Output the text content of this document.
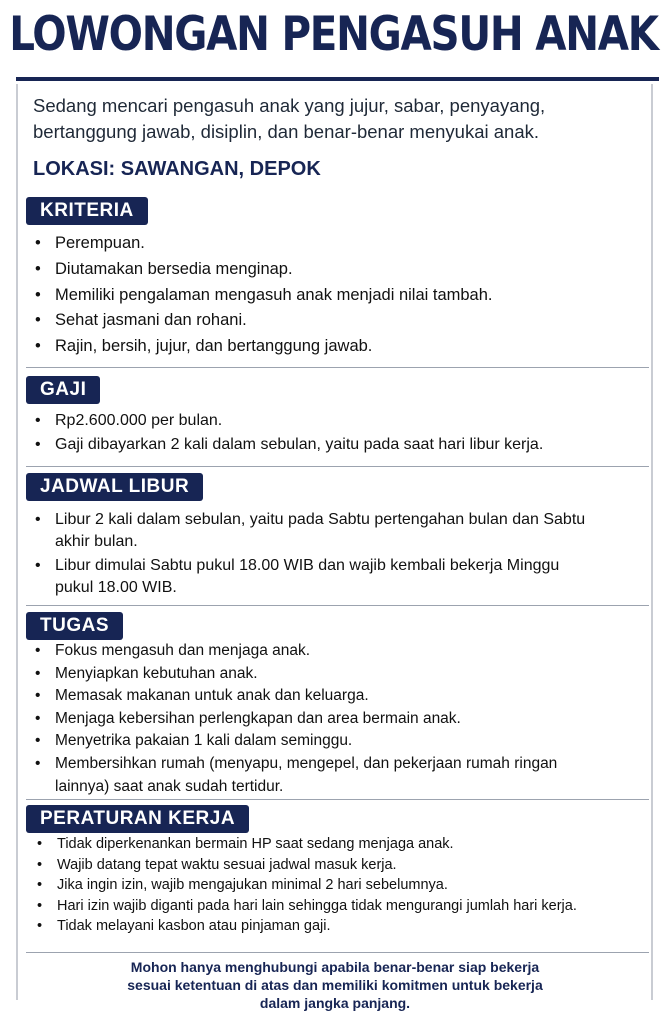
LOWONGAN PENGASUH ANAK

Sedang mencari pengasuh anak yang jujur, sabar, penyayang,

bertanggung jawab, disiplin, dan benar-benar menyukai anak.

LOKASI: SAWANGAN, DEPOK
KRITERIA
• Perempuan.
• Diutamakan bersedia menginap.
• Memiliki pengalaman mengasuh anak menjadi nilai tambah.
• Sehat jasmani dan rohani.
• Rajin, bersih, jujur, dan bertanggung jawab.
GAJI
• Rp2.600.000 per bulan.
• Gaji dibayarkan 2 kali dalam sebulan, yaitu pada saat hari libur kerja.
JADWAL LIBUR
• Libur 2 kali dalam sebulan, yaitu pada Sabtu pertengahan bulan dan Sabtu akhir bulan.
• Libur dimulai Sabtu pukul 18.00 WIB dan wajib kembali bekerja Minggu pukul 18.00 WIB.
TUGAS
• Fokus mengasuh dan menjaga anak.
• Menyiapkan kebutuhan anak.
• Memasak makanan untuk anak dan keluarga.
• Menjaga kebersihan perlengkapan dan area bermain anak.
• Menyetrika pakaian 1 kali dalam seminggu.
• Membersihkan rumah (menyapu, mengepel, dan pekerjaan rumah ringan lainnya) saat anak sudah tertidur.
PERATURAN KERJA
• Tidak diperkenankan bermain HP saat sedang menjaga anak.
• Wajib datang tepat waktu sesuai jadwal masuk kerja.
• Jika ingin izin, wajib mengajukan minimal 2 hari sebelumnya.
• Hari izin wajib diganti pada hari lain sehingga tidak mengurangi jumlah hari kerja.
• Tidak melayani kasbon atau pinjaman gaji.

Mohon hanya menghubungi apabila benar-benar siap bekerja

sesuai ketentuan di atas dan memiliki komitmen untuk bekerja

dalam jangka panjang.
